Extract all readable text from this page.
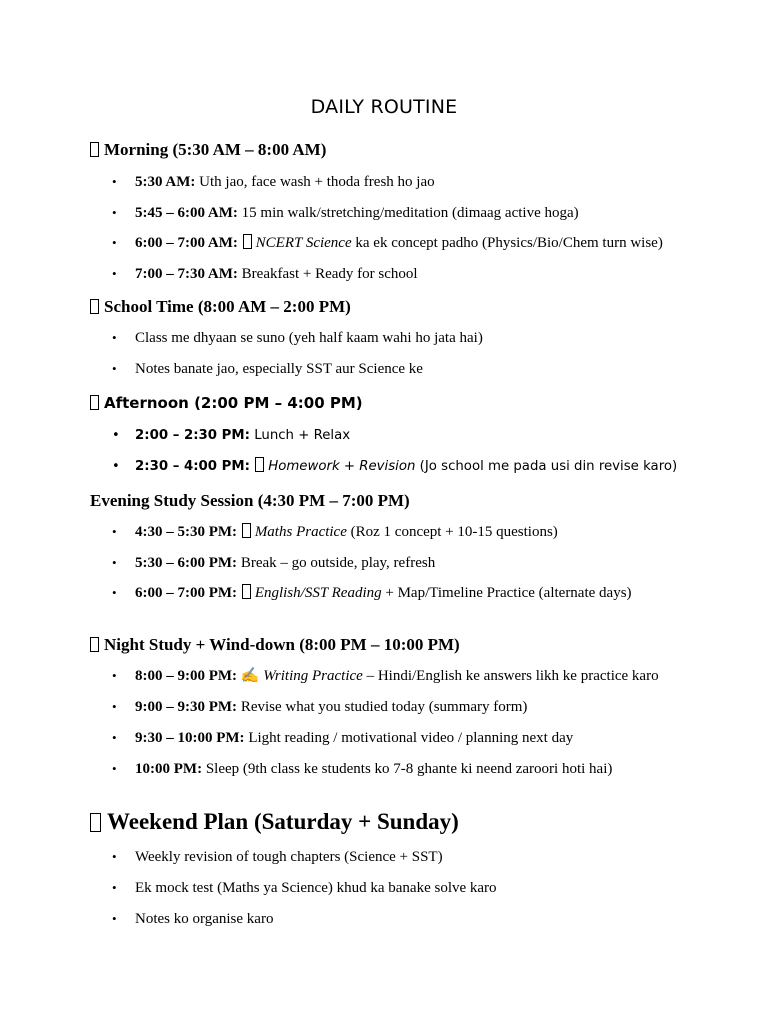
DAILY ROUTINE
Morning (5:30 AM – 8:00 AM)
• 5:30 AM: Uth jao, face wash + thoda fresh ho jao
• 5:45 – 6:00 AM: 15 min walk/stretching/meditation (dimaag active hoga)
• 6:00 – 7:00 AM: NCERT Science ka ek concept padho (Physics/Bio/Chem turn wise)
• 7:00 – 7:30 AM: Breakfast + Ready for school
School Time (8:00 AM – 2:00 PM)
• Class me dhyaan se suno (yeh half kaam wahi ho jata hai)
• Notes banate jao, especially SST aur Science ke
Afternoon (2:00 PM – 4:00 PM)
• 2:00 – 2:30 PM: Lunch + Relax
• 2:30 – 4:00 PM: Homework + Revision (Jo school me pada usi din revise karo)
Evening Study Session (4:30 PM – 7:00 PM)
• 4:30 – 5:30 PM: Maths Practice (Roz 1 concept + 10-15 questions)
• 5:30 – 6:00 PM: Break – go outside, play, refresh
• 6:00 – 7:00 PM: English/SST Reading + Map/Timeline Practice (alternate days)
Night Study + Wind-down (8:00 PM – 10:00 PM)
• 8:00 – 9:00 PM: ✍ Writing Practice – Hindi/English ke answers likh ke practice karo
• 9:00 – 9:30 PM: Revise what you studied today (summary form)
• 9:30 – 10:00 PM: Light reading / motivational video / planning next day
• 10:00 PM: Sleep (9th class ke students ko 7-8 ghante ki neend zaroori hoti hai)
Weekend Plan (Saturday + Sunday)
• Weekly revision of tough chapters (Science + SST)
• Ek mock test (Maths ya Science) khud ka banake solve karo
• Notes ko organise karo
